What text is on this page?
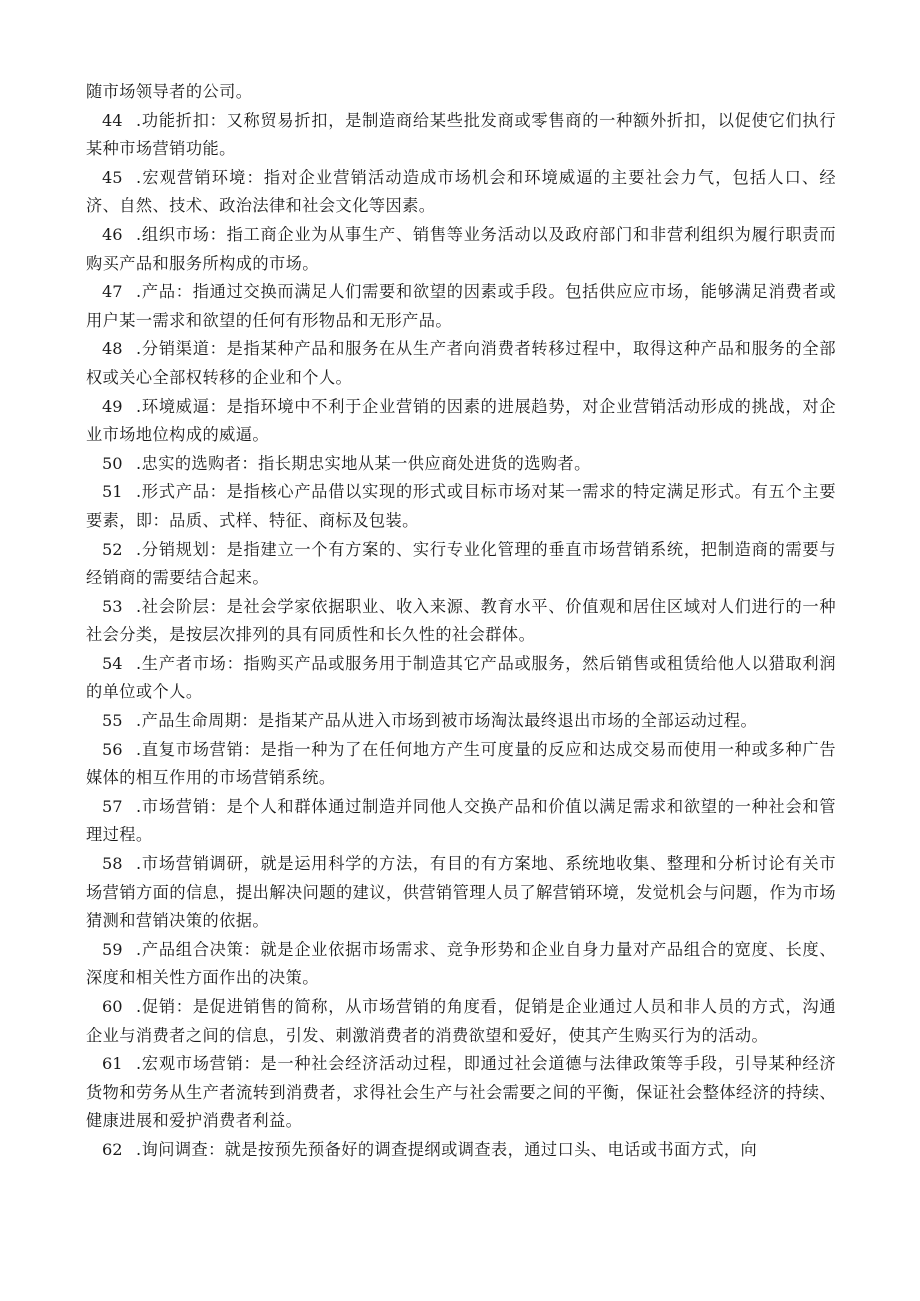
随市场领导者的公司。

44 .功能折扣：又称贸易折扣，是制造商给某些批发商或零售商的一种额外折扣，以促使它们执行某种市场营销功能。

45 .宏观营销环境：指对企业营销活动造成市场机会和环境威逼的主要社会力气，包括人口、经济、自然、技术、政治法律和社会文化等因素。

46 .组织市场：指工商企业为从事生产、销售等业务活动以及政府部门和非营利组织为履行职责而购买产品和服务所构成的市场。

47 .产品：指通过交换而满足人们需要和欲望的因素或手段。包括供应应市场，能够满足消费者或用户某一需求和欲望的任何有形物品和无形产品。

48 .分销渠道：是指某种产品和服务在从生产者向消费者转移过程中，取得这种产品和服务的全部权或关心全部权转移的企业和个人。

49 .环境威逼：是指环境中不利于企业营销的因素的进展趋势，对企业营销活动形成的挑战，对企业市场地位构成的威逼。

50 .忠实的选购者：指长期忠实地从某一供应商处进货的选购者。

51 .形式产品：是指核心产品借以实现的形式或目标市场对某一需求的特定满足形式。有五个主要要素，即：品质、式样、特征、商标及包装。

52 .分销规划：是指建立一个有方案的、实行专业化管理的垂直市场营销系统，把制造商的需要与经销商的需要结合起来。

53 .社会阶层：是社会学家依据职业、收入来源、教育水平、价值观和居住区域对人们进行的一种社会分类，是按层次排列的具有同质性和长久性的社会群体。

54 .生产者市场：指购买产品或服务用于制造其它产品或服务，然后销售或租赁给他人以猎取利润的单位或个人。

55 .产品生命周期：是指某产品从进入市场到被市场淘汰最终退出市场的全部运动过程。

56 .直复市场营销：是指一种为了在任何地方产生可度量的反应和达成交易而使用一种或多种广告媒体的相互作用的市场营销系统。

57 .市场营销：是个人和群体通过制造并同他人交换产品和价值以满足需求和欲望的一种社会和管理过程。

58 .市场营销调研，就是运用科学的方法，有目的有方案地、系统地收集、整理和分析讨论有关市场营销方面的信息，提出解决问题的建议，供营销管理人员了解营销环境，发觉机会与问题，作为市场猜测和营销决策的依据。

59 .产品组合决策：就是企业依据市场需求、竞争形势和企业自身力量对产品组合的宽度、长度、深度和相关性方面作出的决策。

60 .促销：是促进销售的简称，从市场营销的角度看，促销是企业通过人员和非人员的方式，沟通企业与消费者之间的信息，引发、刺激消费者的消费欲望和爱好，使其产生购买行为的活动。

61 .宏观市场营销：是一种社会经济活动过程，即通过社会道德与法律政策等手段，引导某种经济货物和劳务从生产者流转到消费者，求得社会生产与社会需要之间的平衡，保证社会整体经济的持续、健康进展和爱护消费者利益。

62 .询问调查：就是按预先预备好的调查提纲或调查表，通过口头、电话或书面方式，向
